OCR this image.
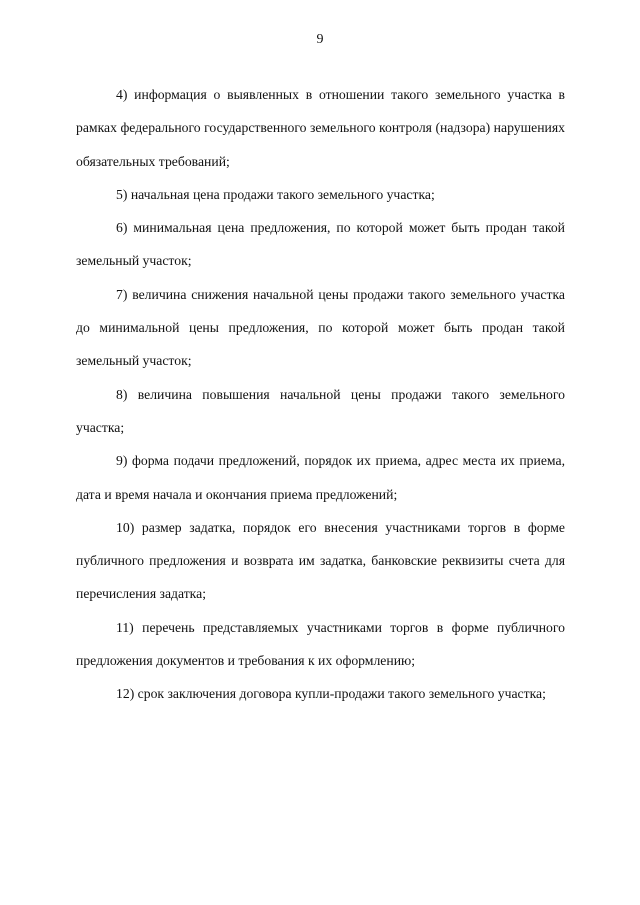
9

4) информация о выявленных в отношении такого земельного участка в рамках федерального государственного земельного контроля (надзора) нарушениях обязательных требований;

5) начальная цена продажи такого земельного участка;

6) минимальная цена предложения, по которой может быть продан такой земельный участок;

7) величина снижения начальной цены продажи такого земельного участка до минимальной цены предложения, по которой может быть продан такой земельный участок;

8) величина повышения начальной цены продажи такого земельного участка;

9) форма подачи предложений, порядок их приема, адрес места их приема, дата и время начала и окончания приема предложений;

10) размер задатка, порядок его внесения участниками торгов в форме публичного предложения и возврата им задатка, банковские реквизиты счета для перечисления задатка;

11) перечень представляемых участниками торгов в форме публичного предложения документов и требования к их оформлению;

12) срок заключения договора купли-продажи такого земельного участка;
